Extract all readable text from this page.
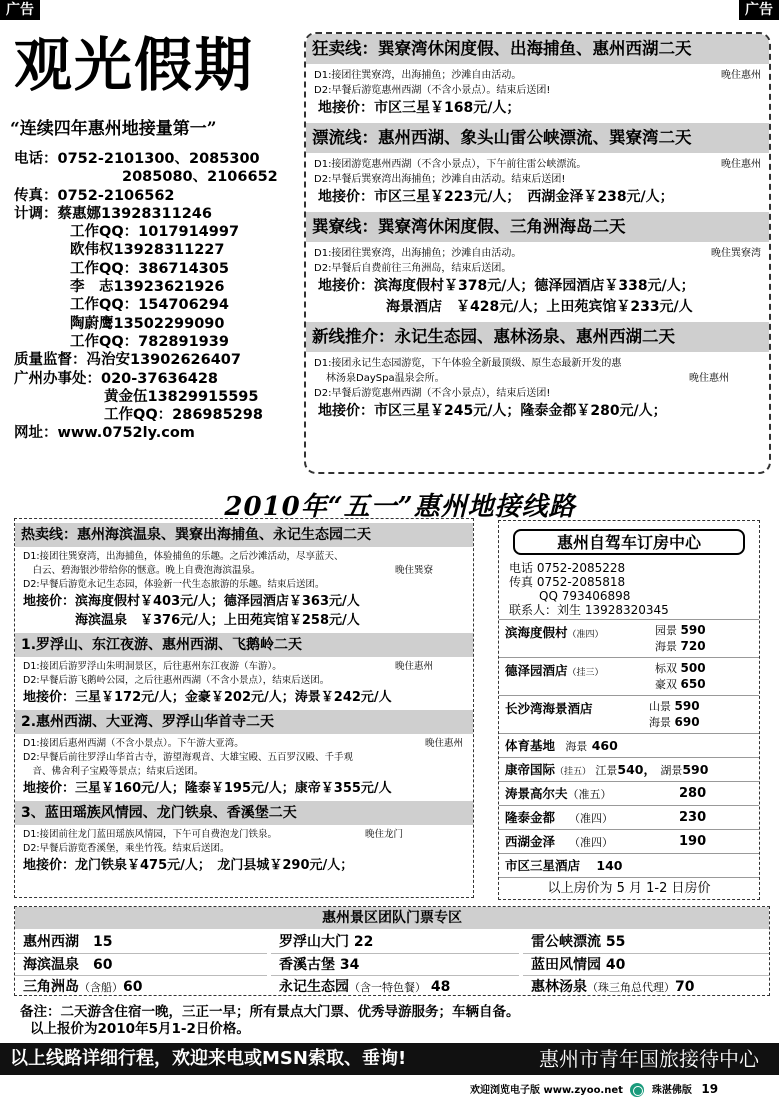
广告	广告
观光假期
“连续四年惠州地接量第一”
电话：0752-2101300、2085300
2085080、2106652
传真：0752-2106562
计调：蔡惠娜13928311246
工作QQ：1017914997
欧伟权13928311227
工作QQ：386714305
李　志13923621926
工作QQ：154706294
陶蔚鹰13502299090
工作QQ：782891939
质量监督：冯治安13902626407
广州办事处：020-37636428
黄金伍13829915595
工作QQ：286985298
网址：www.0752ly.com
狂卖线：巽寮湾休闲度假、出海捕鱼、惠州西湖二天
D1:接团往巽寮湾，出海捕鱼；沙滩自由活动。	晚住惠州
D2:早餐后游览惠州西湖（不含小景点）。结束后送团!
地接价：市区三星￥168元/人；
漂流线：惠州西湖、象头山雷公峡漂流、巽寮湾二天
D1:接团游览惠州西湖（不含小景点），下午前往雷公峡漂流。	晚住惠州
D2:早餐后巽寮湾出海捕鱼；沙滩自由活动。结束后送团!
地接价：市区三星￥223元/人；　西湖金泽￥238元/人；
巽寮线：巽寮湾休闲度假、三角洲海岛二天
D1:接团往巽寮湾，出海捕鱼；沙滩自由活动。	晚住巽寮湾
D2:早餐后自费前往三角洲岛，结束后送团。
地接价：滨海度假村￥378元/人；德泽园酒店￥338元/人；
海景酒店　￥428元/人；上田苑宾馆￥233元/人
新线推介：永记生态园、惠林汤泉、惠州西湖二天
D1:接团永记生态园游览，下午体验全新最顶级、原生态最新开发的惠
林汤泉DaySpa温泉会所。	晚住惠州
D2:早餐后游览惠州西湖（不含小景点），结束后送团!
地接价：市区三星￥245元/人；隆泰金都￥280元/人；
2010年“五一”惠州地接线路
热卖线：惠州海滨温泉、巽寮出海捕鱼、永记生态园二天
D1:接团往巽寮湾，出海捕鱼，体验捕鱼的乐趣。之后沙滩活动，尽享蓝天、
　白云、碧海银沙带给你的惬意。晚上自费泡海滨温泉。	晚住巽寮
D2:早餐后游览永记生态园，体验新一代生态旅游的乐趣。结束后送团。
地接价：滨海度假村￥403元/人；德泽园酒店￥363元/人
　　　　海滨温泉　￥376元/人；上田苑宾馆￥258元/人
1.罗浮山、东江夜游、惠州西湖、飞鹅岭二天
D1:接团后游罗浮山朱明洞景区，后往惠州东江夜游（车游）。	晚住惠州
D2:早餐后游飞鹅岭公园，之后往惠州西湖（不含小景点），结束后送团。
地接价：三星￥172元/人；金豪￥202元/人；涛景￥242元/人
2.惠州西湖、大亚湾、罗浮山华首寺二天
D1:接团后惠州西湖（不含小景点）。下午游大亚湾。	晚住惠州
D2:早餐后前往罗浮山华首古寺，游望海观音、大雄宝殿、五百罗汉殿、千手观
　音、佛舍利子宝殿等景点；结束后送团。
地接价：三星￥160元/人；隆泰￥195元/人；康帝￥355元/人
3、蓝田瑶族风情园、龙门铁泉、香溪堡二天
D1:接团前往龙门蓝田瑶族风情园，下午可自费泡龙门铁泉。	晚住龙门
D2:早餐后游览香溪堡，乘坐竹筏。结束后送团。
地接价：龙门铁泉￥475元/人；　龙门县城￥290元/人；
惠州自驾车订房中心
电话 0752-2085228
传真 0752-2085818
QQ 793406898
联系人：刘生 13928320345
滨海度假村（准四）	园景 590
海景 720
德泽园酒店（挂三）	标双 500
豪双 650
长沙湾海景酒店	山景 590
海景 690
体育基地 海景 460
康帝国际（挂五） 江景540， 湖景590
涛景高尔夫（准五）	280
隆泰金都 （准四）	230
西湖金泽 （准四）	190
市区三星酒店 140
以上房价为 5 月 1-2 日房价
惠州景区团队门票专区
惠州西湖　 15	罗浮山大门 22	雷公峡漂流 55
海滨温泉　 60	香溪古堡 34	蓝田风情园 40
三角洲岛（含船）60	永记生态园（含一特色餐） 48	惠林汤泉（珠三角总代理）70
备注：二天游含住宿一晚，三正一早；所有景点大门票、优秀导游服务；车辆自备。
以上报价为2010年5月1-2日价格。
以上线路详细行程，欢迎来电或MSN索取、垂询!	惠州市青年国旅接待中心
欢迎浏览电子版 www.zyoo.net	珠湛佛版 19
